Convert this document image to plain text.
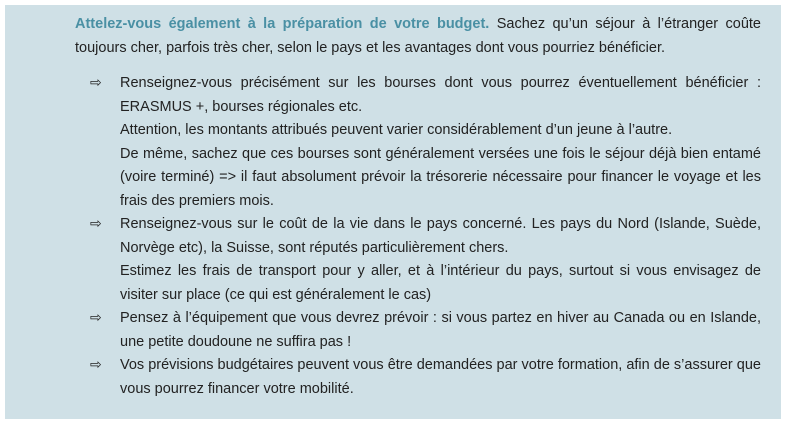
Attelez-vous également à la préparation de votre budget. Sachez qu’un séjour à l’étranger coûte toujours cher, parfois très cher, selon le pays et les avantages dont vous pourriez bénéficier.
⇨ Renseignez-vous précisément sur les bourses dont vous pourrez éventuellement bénéficier : ERASMUS +, bourses régionales etc.

Attention, les montants attribués peuvent varier considérablement d’un jeune à l’autre.

De même, sachez que ces bourses sont généralement versées une fois le séjour déjà bien entamé (voire terminé) => il faut absolument prévoir la trésorerie nécessaire pour financer le voyage et les frais des premiers mois.

⇨ Renseignez-vous sur le coût de la vie dans le pays concerné. Les pays du Nord (Islande, Suède, Norvège etc), la Suisse, sont réputés particulièrement chers.

Estimez les frais de transport pour y aller, et à l’intérieur du pays, surtout si vous envisagez de visiter sur place (ce qui est généralement le cas)

⇨ Pensez à l’équipement que vous devrez prévoir : si vous partez en hiver au Canada ou en Islande, une petite doudoune ne suffira pas !

⇨ Vos prévisions budgétaires peuvent vous être demandées par votre formation, afin de s’assurer que vous pourrez financer votre mobilité.
